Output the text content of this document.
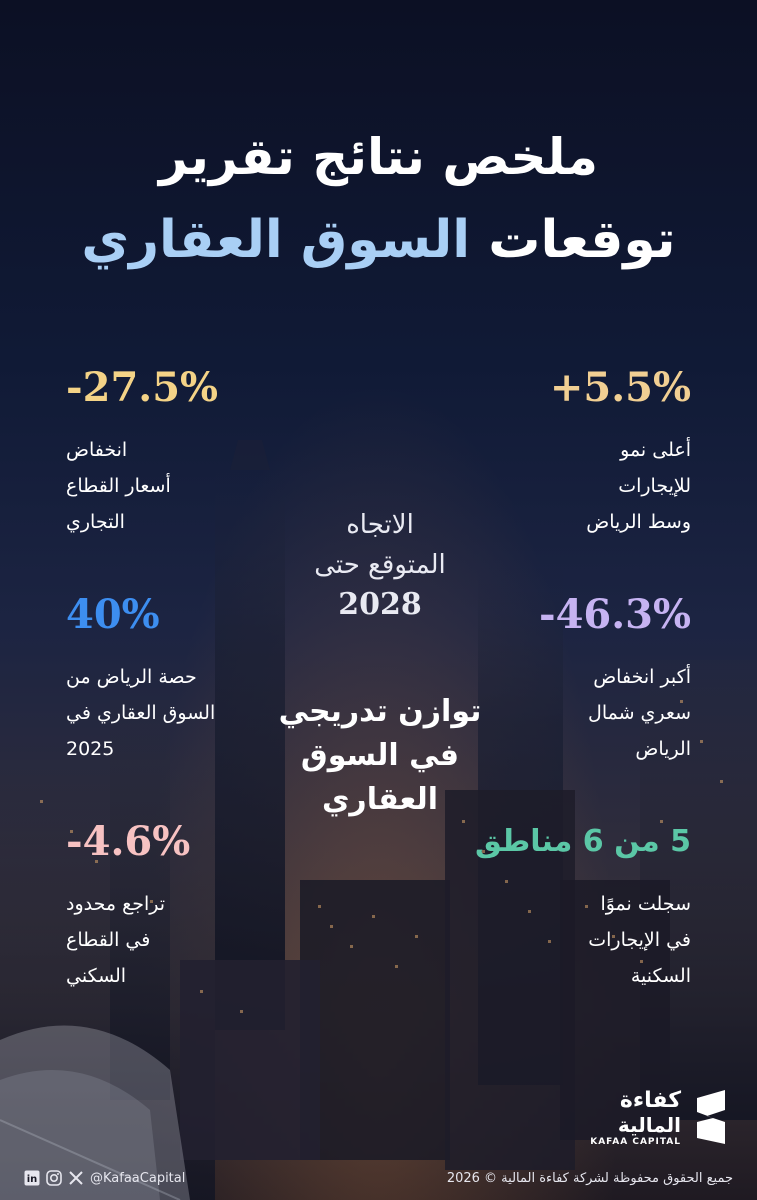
ملخص نتائج تقرير
توقعات السوق العقاري
5.5%+
أعلى نمو
للإيجارات
وسط الرياض
27.5%-
انخفاض
أسعار القطاع
التجاري
46.3%-
أكبر انخفاض
سعري شمال
الرياض
40%
حصة الرياض من
السوق العقاري في
2025
5 من 6 مناطق
سجلت نموًا
في الإيجارات
السكنية
4.6%-
تراجع محدود
في القطاع
السكني
الاتجاه
المتوقع حتى
2028
توازن تدريجي
في السوق
العقاري
كفاءة
المالية
KAFAA CAPITAL
in	@KafaaCapital	جميع الحقوق محفوظة لشركة كفاءة المالية © 2026
